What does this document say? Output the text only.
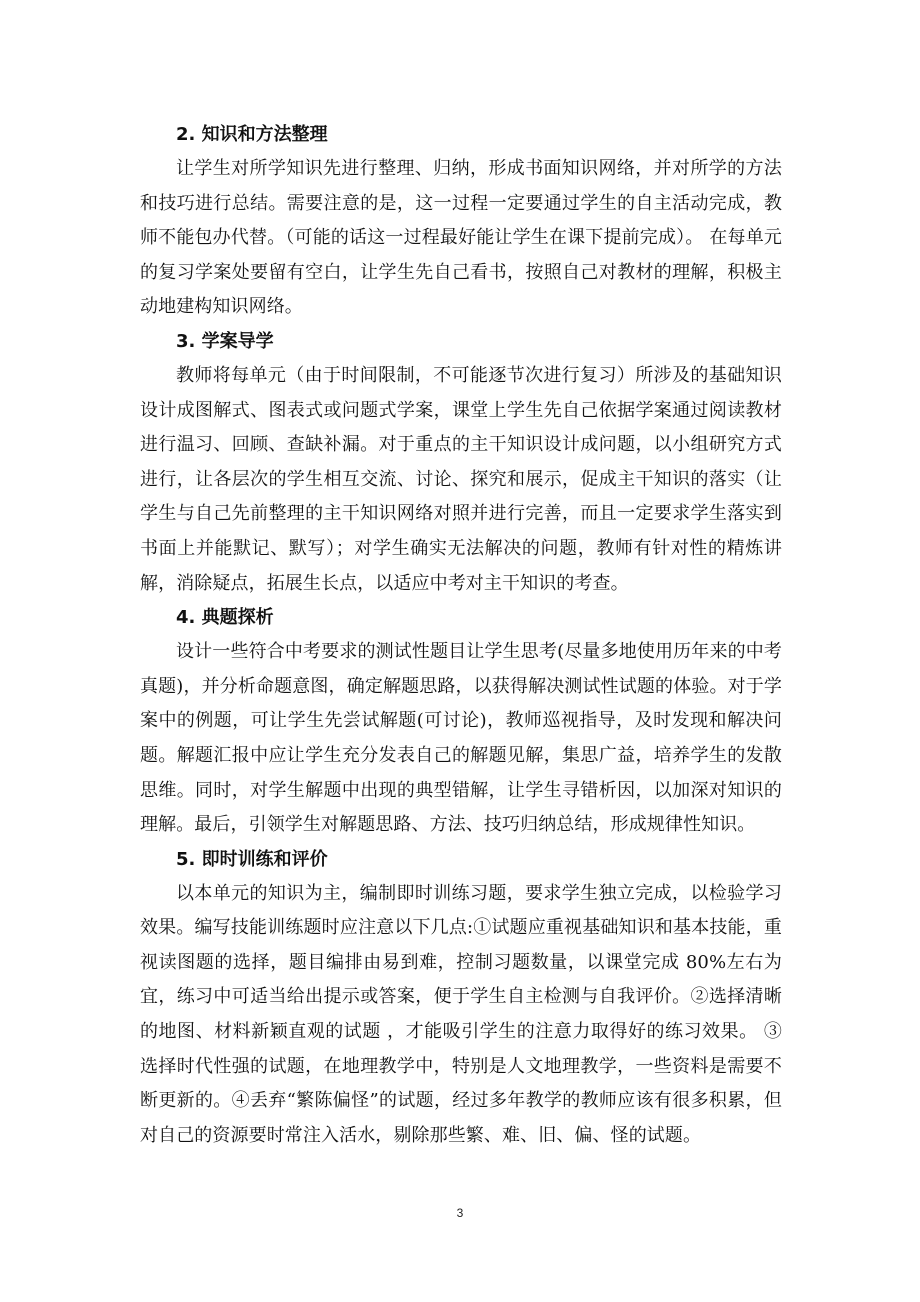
2. 知识和方法整理

让学生对所学知识先进行整理、归纳，形成书面知识网络，并对所学的方法和技巧进行总结。需要注意的是，这一过程一定要通过学生的自主活动完成，教师不能包办代替。（可能的话这一过程最好能让学生在课下提前完成）。 在每单元的复习学案处要留有空白，让学生先自己看书，按照自己对教材的理解，积极主动地建构知识网络。

3. 学案导学

教师将每单元（由于时间限制，不可能逐节次进行复习）所涉及的基础知识设计成图解式、图表式或问题式学案，课堂上学生先自己依据学案通过阅读教材进行温习、回顾、查缺补漏。对于重点的主干知识设计成问题，以小组研究方式进行，让各层次的学生相互交流、讨论、探究和展示，促成主干知识的落实（让学生与自己先前整理的主干知识网络对照并进行完善，而且一定要求学生落实到书面上并能默记、默写）；对学生确实无法解决的问题，教师有针对性的精炼讲解，消除疑点，拓展生长点，以适应中考对主干知识的考查。

4. 典题探析

设计一些符合中考要求的测试性题目让学生思考(尽量多地使用历年来的中考真题)，并分析命题意图，确定解题思路，以获得解决测试性试题的体验。对于学案中的例题，可让学生先尝试解题(可讨论)，教师巡视指导，及时发现和解决问题。解题汇报中应让学生充分发表自己的解题见解，集思广益，培养学生的发散思维。同时，对学生解题中出现的典型错解，让学生寻错析因，以加深对知识的理解。最后，引领学生对解题思路、方法、技巧归纳总结，形成规律性知识。

5. 即时训练和评价

以本单元的知识为主，编制即时训练习题，要求学生独立完成，以检验学习效果。编写技能训练题时应注意以下几点:①试题应重视基础知识和基本技能，重视读图题的选择，题目编排由易到难，控制习题数量，以课堂完成 80%左右为宜，练习中可适当给出提示或答案，便于学生自主检测与自我评价。②选择清晰的地图、材料新颖直观的试题 ，才能吸引学生的注意力取得好的练习效果。 ③选择时代性强的试题，在地理教学中，特别是人文地理教学，一些资料是需要不断更新的。④丢弃“繁陈偏怪”的试题，经过多年教学的教师应该有很多积累，但对自己的资源要时常注入活水，剔除那些繁、难、旧、偏、怪的试题。

3
